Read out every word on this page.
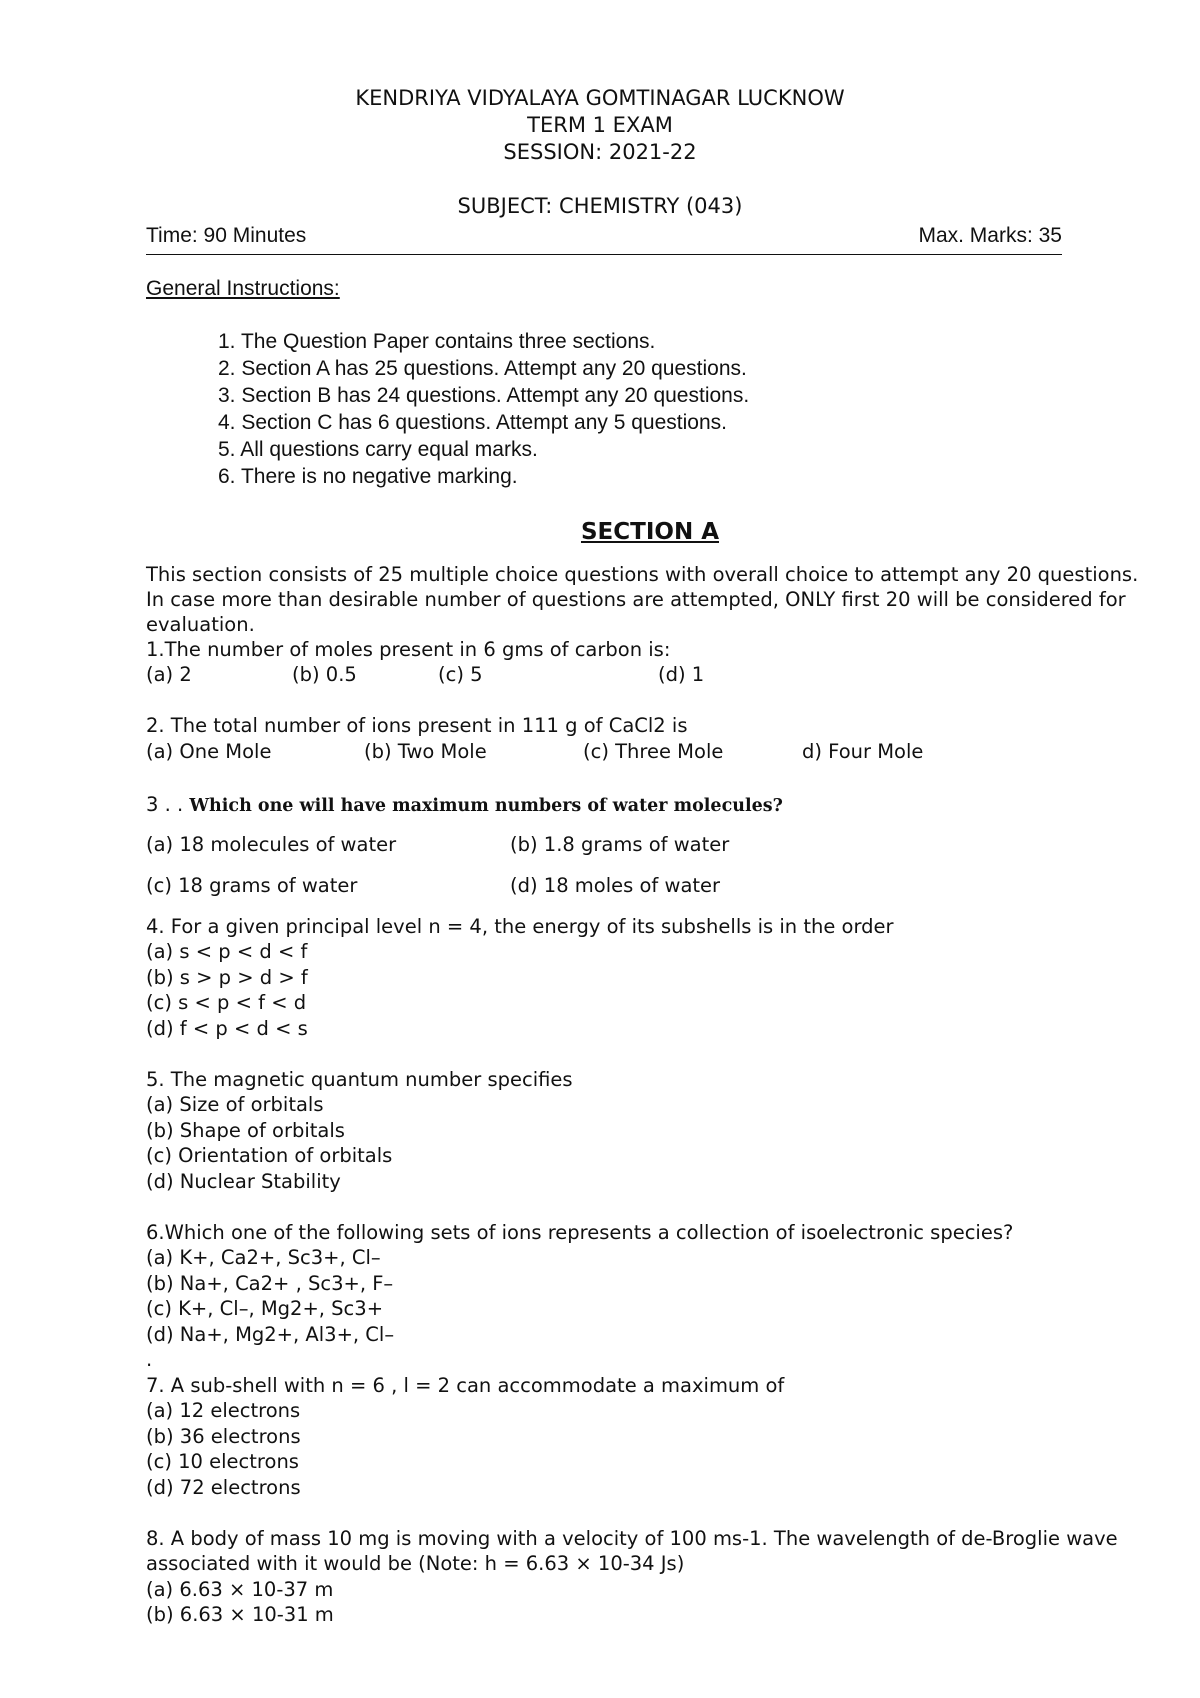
KENDRIYA VIDYALAYA GOMTINAGAR LUCKNOW
TERM 1 EXAM
SESSION: 2021-22
SUBJECT: CHEMISTRY (043)
Time: 90 Minutes	Max. Marks: 35
General Instructions:
1. The Question Paper contains three sections.
2. Section A has 25 questions. Attempt any 20 questions.
3. Section B has 24 questions. Attempt any 20 questions.
4. Section C has 6 questions. Attempt any 5 questions.
5. All questions carry equal marks.
6. There is no negative marking.
SECTION A
This section consists of 25 multiple choice questions with overall choice to attempt any 20 questions.
In case more than desirable number of questions are attempted, ONLY first 20 will be considered for
evaluation.
1.The number of moles present in 6 gms of carbon is:
(a) 2	(b) 0.5	(c) 5	(d) 1
2. The total number of ions present in 111 g of CaCl2 is
(a) One Mole	(b) Two Mole	(c) Three Mole	d) Four Mole
3 . . Which one will have maximum numbers of water molecules?
(a) 18 molecules of water	(b) 1.8 grams of water
(c) 18 grams of water	(d) 18 moles of water
4. For a given principal level n = 4, the energy of its subshells is in the order
(a) s < p < d < f
(b) s > p > d > f
(c) s < p < f < d
(d) f < p < d < s
5. The magnetic quantum number specifies
(a) Size of orbitals
(b) Shape of orbitals
(c) Orientation of orbitals
(d) Nuclear Stability
6.Which one of the following sets of ions represents a collection of isoelectronic species?
(a) K+, Ca2+, Sc3+, Cl–
(b) Na+, Ca2+ , Sc3+, F–
(c) K+, Cl–, Mg2+, Sc3+
(d) Na+, Mg2+, Al3+, Cl–
.
7. A sub-shell with n = 6 , l = 2 can accommodate a maximum of
(a) 12 electrons
(b) 36 electrons
(c) 10 electrons
(d) 72 electrons
8. A body of mass 10 mg is moving with a velocity of 100 ms-1. The wavelength of de-Broglie wave
associated with it would be (Note: h = 6.63 × 10-34 Js)
(a) 6.63 × 10-37 m
(b) 6.63 × 10-31 m
